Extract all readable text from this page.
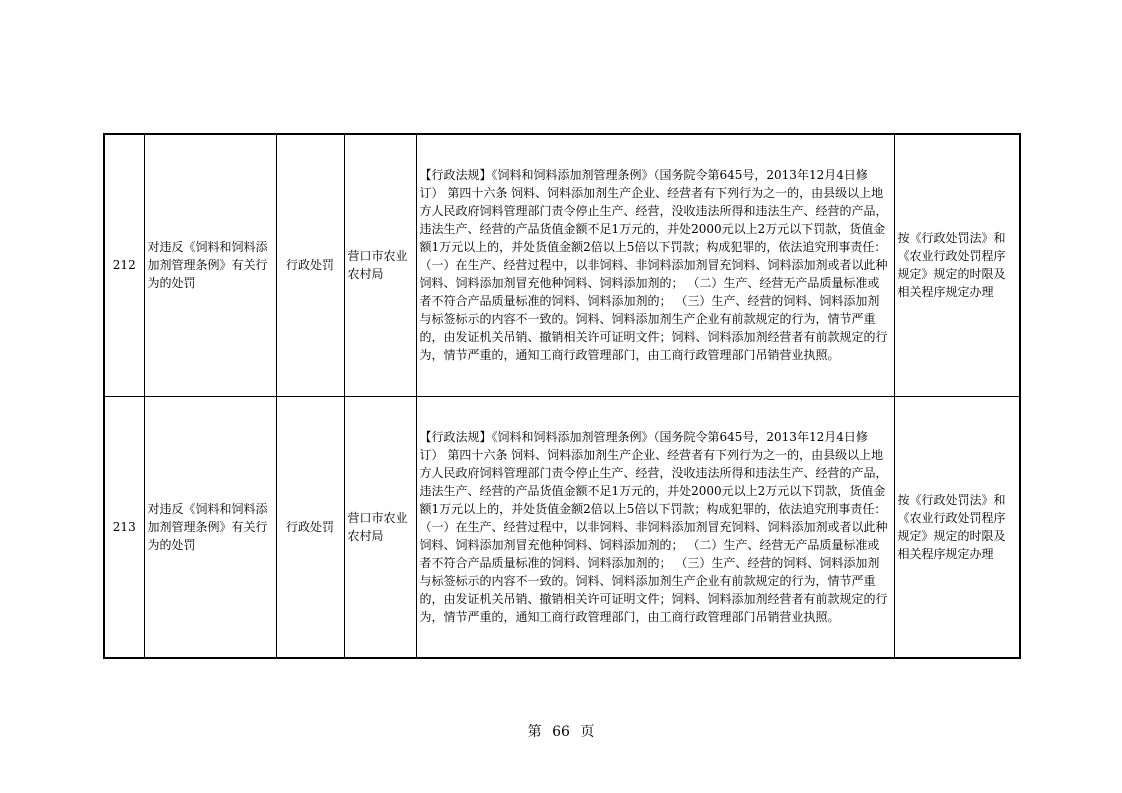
212	对违反《饲料和饲料添加剂管理条例》有关行为的处罚	行政处罚	营口市农业农村局	【行政法规】《饲料和饲料添加剂管理条例》（国务院令第645号，2013年12月4日修订） 第四十六条 饲料、饲料添加剂生产企业、经营者有下列行为之一的，由县级以上地方人民政府饲料管理部门责令停止生产、经营，没收违法所得和违法生产、经营的产品，违法生产、经营的产品货值金额不足1万元的，并处2000元以上2万元以下罚款，货值金额1万元以上的，并处货值金额2倍以上5倍以下罚款；构成犯罪的，依法追究刑事责任：（一）在生产、经营过程中，以非饲料、非饲料添加剂冒充饲料、饲料添加剂或者以此种饲料、饲料添加剂冒充他种饲料、饲料添加剂的； （二）生产、经营无产品质量标准或者不符合产品质量标准的饲料、饲料添加剂的； （三）生产、经营的饲料、饲料添加剂与标签标示的内容不一致的。饲料、饲料添加剂生产企业有前款规定的行为，情节严重的，由发证机关吊销、撤销相关许可证明文件；饲料、饲料添加剂经营者有前款规定的行为，情节严重的，通知工商行政管理部门，由工商行政管理部门吊销营业执照。	按《行政处罚法》和《农业行政处罚程序规定》规定的时限及相关程序规定办理
213	对违反《饲料和饲料添加剂管理条例》有关行为的处罚	行政处罚	营口市农业农村局	【行政法规】《饲料和饲料添加剂管理条例》（国务院令第645号，2013年12月4日修订） 第四十六条 饲料、饲料添加剂生产企业、经营者有下列行为之一的，由县级以上地方人民政府饲料管理部门责令停止生产、经营，没收违法所得和违法生产、经营的产品，违法生产、经营的产品货值金额不足1万元的，并处2000元以上2万元以下罚款，货值金额1万元以上的，并处货值金额2倍以上5倍以下罚款；构成犯罪的，依法追究刑事责任：（一）在生产、经营过程中，以非饲料、非饲料添加剂冒充饲料、饲料添加剂或者以此种饲料、饲料添加剂冒充他种饲料、饲料添加剂的； （二）生产、经营无产品质量标准或者不符合产品质量标准的饲料、饲料添加剂的； （三）生产、经营的饲料、饲料添加剂与标签标示的内容不一致的。饲料、饲料添加剂生产企业有前款规定的行为，情节严重的，由发证机关吊销、撤销相关许可证明文件；饲料、饲料添加剂经营者有前款规定的行为，情节严重的，通知工商行政管理部门，由工商行政管理部门吊销营业执照。	按《行政处罚法》和《农业行政处罚程序规定》规定的时限及相关程序规定办理
第 66 页
